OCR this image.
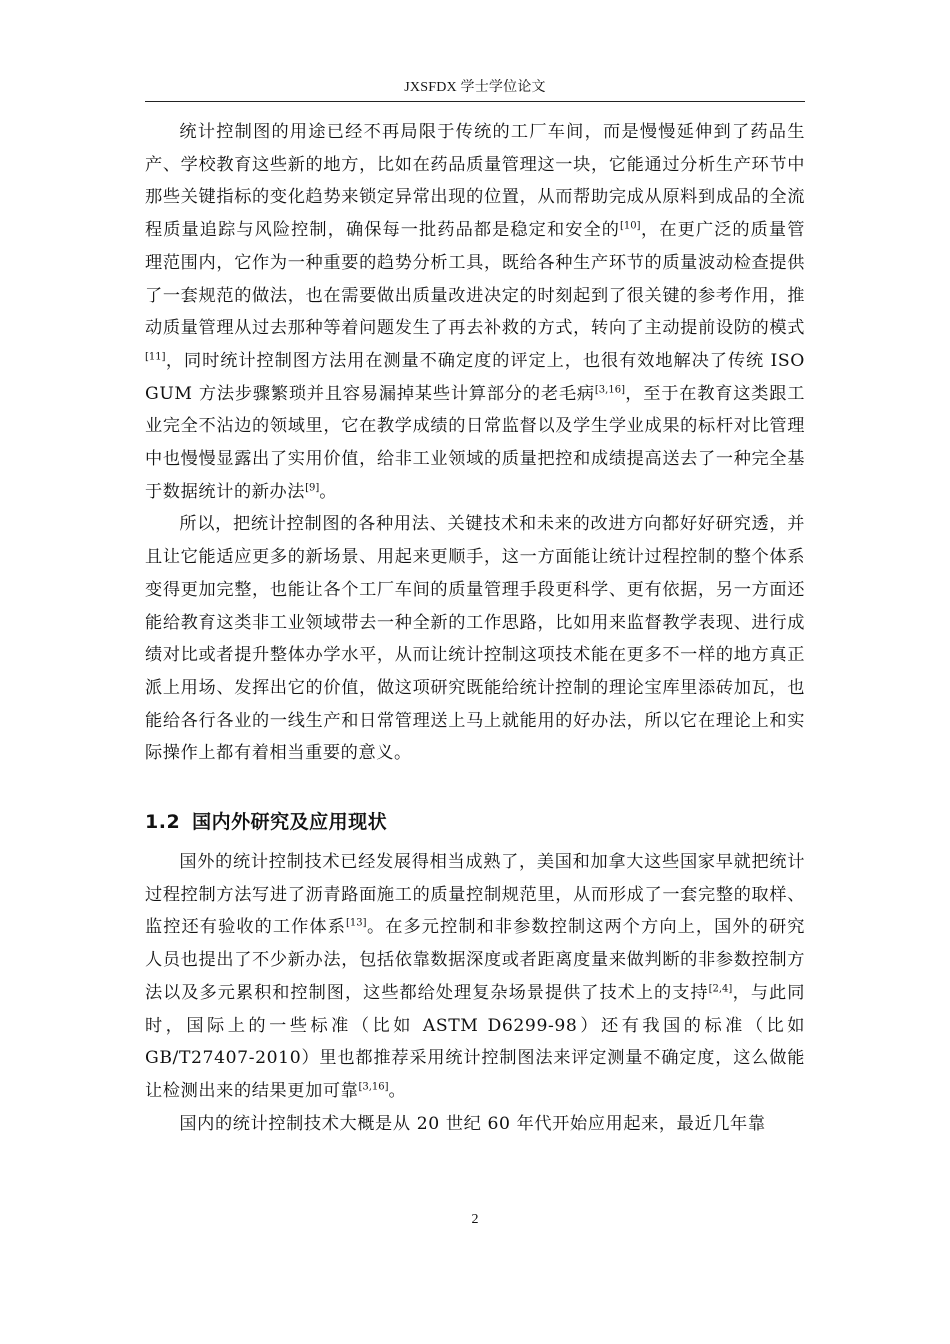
JXSFDX 学士学位论文

统计控制图的用途已经不再局限于传统的工厂车间，而是慢慢延伸到了药品生产、学校教育这些新的地方，比如在药品质量管理这一块，它能通过分析生产环节中那些关键指标的变化趋势来锁定异常出现的位置，从而帮助完成从原料到成品的全流程质量追踪与风险控制，确保每一批药品都是稳定和安全的[10]，在更广泛的质量管理范围内，它作为一种重要的趋势分析工具，既给各种生产环节的质量波动检查提供了一套规范的做法，也在需要做出质量改进决定的时刻起到了很关键的参考作用，推动质量管理从过去那种等着问题发生了再去补救的方式，转向了主动提前设防的模式[11]，同时统计控制图方法用在测量不确定度的评定上，也很有效地解决了传统 ISO GUM 方法步骤繁琐并且容易漏掉某些计算部分的老毛病[3,16]，至于在教育这类跟工业完全不沾边的领域里，它在教学成绩的日常监督以及学生学业成果的标杆对比管理中也慢慢显露出了实用价值，给非工业领域的质量把控和成绩提高送去了一种完全基于数据统计的新办法[9]。

所以，把统计控制图的各种用法、关键技术和未来的改进方向都好好研究透，并且让它能适应更多的新场景、用起来更顺手，这一方面能让统计过程控制的整个体系变得更加完整，也能让各个工厂车间的质量管理手段更科学、更有依据，另一方面还能给教育这类非工业领域带去一种全新的工作思路，比如用来监督教学表现、进行成绩对比或者提升整体办学水平，从而让统计控制这项技术能在更多不一样的地方真正派上用场、发挥出它的价值，做这项研究既能给统计控制的理论宝库里添砖加瓦，也能给各行各业的一线生产和日常管理送上马上就能用的好办法，所以它在理论上和实际操作上都有着相当重要的意义。

1.2 国内外研究及应用现状

国外的统计控制技术已经发展得相当成熟了，美国和加拿大这些国家早就把统计过程控制方法写进了沥青路面施工的质量控制规范里，从而形成了一套完整的取样、监控还有验收的工作体系[13]。在多元控制和非参数控制这两个方向上，国外的研究人员也提出了不少新办法，包括依靠数据深度或者距离度量来做判断的非参数控制方法以及多元累积和控制图，这些都给处理复杂场景提供了技术上的支持[2,4]，与此同时，国际上的一些标准（比如 ASTM D6299-98）还有我国的标准（比如 GB/T27407-2010）里也都推荐采用统计控制图法来评定测量不确定度，这么做能让检测出来的结果更加可靠[3,16]。

国内的统计控制技术大概是从 20 世纪 60 年代开始应用起来，最近几年靠

2
